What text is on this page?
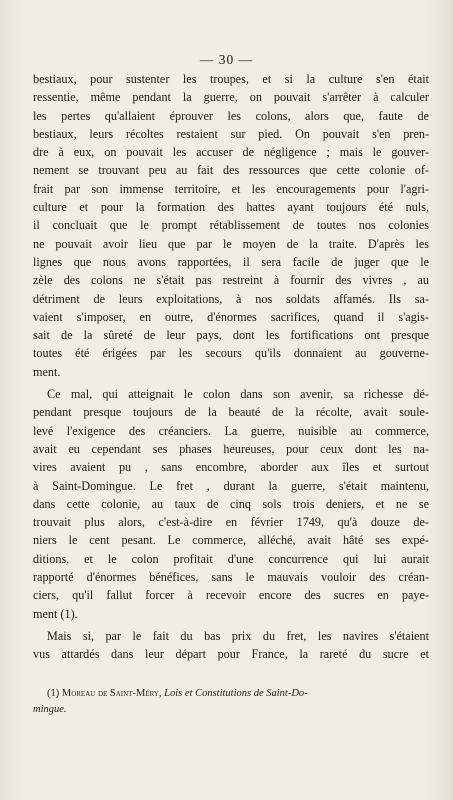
— 30 —

bestiaux, pour sustenter les troupes, et si la culture s'en était
ressentie, même pendant la guerre, on pouvait s'arrêter à calculer
les pertes qu'allaient éprouver les colons, alors que, faute de
bestiaux, leurs récoltes restaient sur pied. On pouvait s'en pren-
dre à eux, on pouvait les accuser de négligence ; mais le gouver-
nement se trouvant peu au fait des ressources que cette colonie of-
frait par son immense territoire, et les encouragements pour l'agri-
culture et pour la formation des hattes ayant toujours été nuls,
il concluait que le prompt rétablissement de toutes nos colonies
ne pouvait avoir lieu que par le moyen de la traite. D'après les
lignes que nous avons rapportées, il sera facile de juger que le
zèle des colons ne s'était pas restreint à fournir des vivres , au
détriment de leurs exploitations, à nos soldats affamés. Ils sa-
vaient s'imposer, en outre, d'énormes sacrifices, quand il s'agis-
sait de la sûreté de leur pays, dont les fortifications ont presque
toutes été érigées par les secours qu'ils donnaient au gouverne-
ment.

Ce mal, qui atteignait le colon dans son avenir, sa richesse dé-
pendant presque toujours de la beauté de la récolte, avait soule-
levé l'exigence des créanciers. La guerre, nuisible au commerce,
avait eu cependant ses phases heureuses, pour ceux dont les na-
vires avaient pu , sans encombre, aborder aux îles et surtout
à Saint-Domingue. Le fret , durant la guerre, s'était maintenu,
dans cette colonie, au taux de cinq sols trois deniers, et ne se
trouvait plus alors, c'est-à-dire en février 1749, qu'à douze de-
niers le cent pesant. Le commerce, alléché, avait hâté ses expé-
ditions, et le colon profitait d'une concurrence qui lui aurait
rapporté d'énormes bénéfices, sans le mauvais vouloir des créan-
ciers, qu'il fallut forcer à recevoir encore des sucres en paye-
ment (1).

Mais si, par le fait du bas prix du fret, les navires s'étaient
vus attardés dans leur départ pour France, la rareté du sucre et

(1) Moreau de Saint-Méry, Lois et Constitutions de Saint-Do-
mingue.
